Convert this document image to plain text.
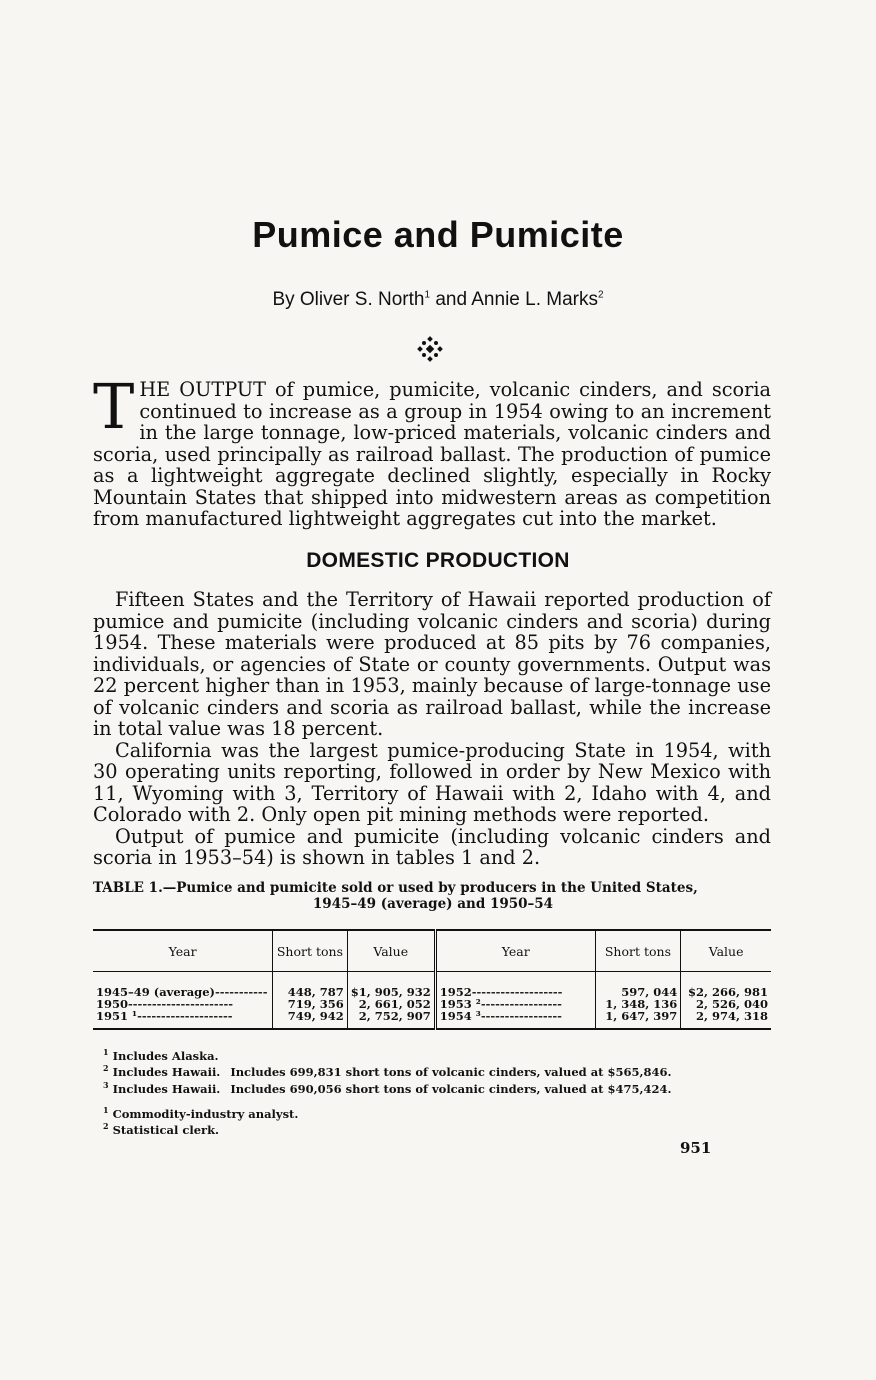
Pumice and Pumicite
By Oliver S. North$^1$ and Annie L. Marks$^2$
T HE OUTPUT of pumice, pumicite, volcanic cinders, and scoria continued to increase as a group in 1954 owing to an increment in the large tonnage, low-priced materials, volcanic cinders and scoria, used principally as railroad ballast. The production of pumice as a lightweight aggregate declined slightly, especially in Rocky Mountain States that shipped into midwestern areas as competition from manufactured lightweight aggregates cut into the market.
DOMESTIC PRODUCTION

Fifteen States and the Territory of Hawaii reported production of pumice and pumicite (including volcanic cinders and scoria) during 1954. These materials were produced at 85 pits by 76 companies, individuals, or agencies of State or county governments. Output was 22 percent higher than in 1953, mainly because of large-tonnage use of volcanic cinders and scoria as railroad ballast, while the increase in total value was 18 percent.

California was the largest pumice-producing State in 1954, with 30 operating units reporting, followed in order by New Mexico with 11, Wyoming with 3, Territory of Hawaii with 2, Idaho with 4, and Colorado with 2. Only open pit mining methods were reported.

Output of pumice and pumicite (including volcanic cinders and scoria in 1953–54) is shown in tables 1 and 2.

TABLE 1.—Pumice and pumicite sold or used by producers in the United States,
1945–49 (average) and 1950–54
Year	Short tons	Value	Year	Short tons	Value
1945–49 (average)-----------	448, 787	$1, 905, 932	1952-------------------	597, 044	$2, 266, 981
1950----------------------	719, 356	2, 661, 052	1953 ²-----------------	1, 348, 136	2, 526, 040
1951 ¹--------------------	749, 942	2, 752, 907	1954 ³-----------------	1, 647, 397	2, 974, 318
$^1$ Includes Alaska.
$^2$ Includes Hawaii. Includes 699,831 short tons of volcanic cinders, valued at $565,846.
$^3$ Includes Hawaii. Includes 690,056 short tons of volcanic cinders, valued at $475,424.
$^1$ Commodity-industry analyst.
$^2$ Statistical clerk.
951
